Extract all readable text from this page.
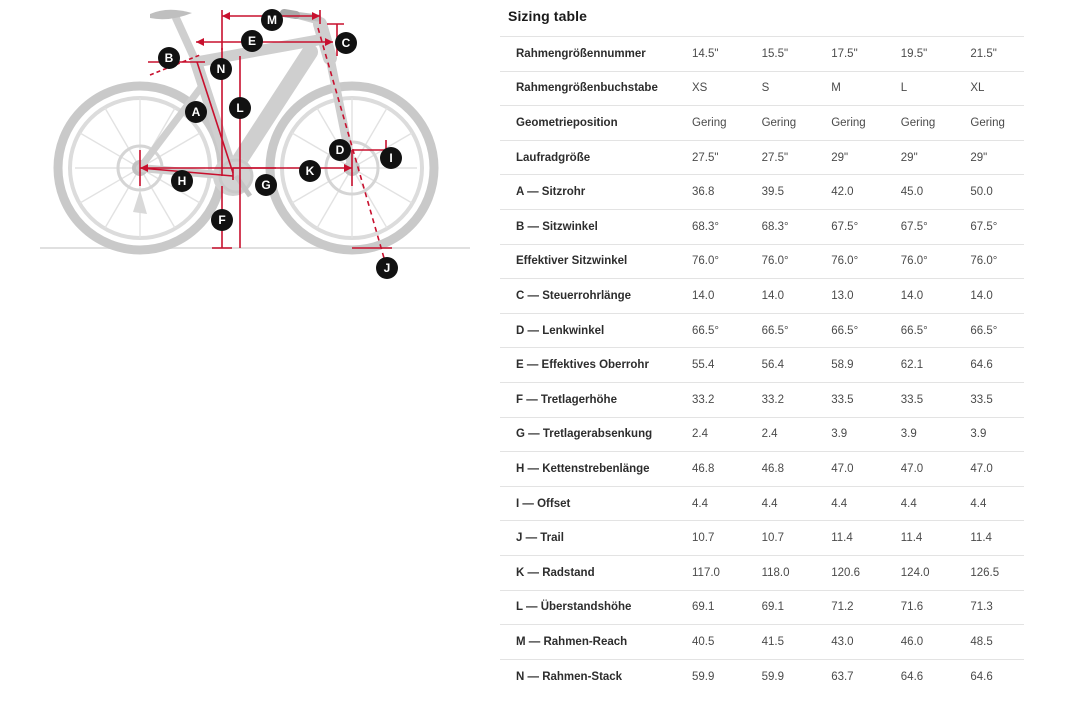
A
B
C
D
E
F
G
H
I
J
K
L
M
N
Sizing table
Rahmengrößennummer	14.5"	15.5"	17.5"	19.5"	21.5"
Rahmengrößenbuchstabe	XS	S	M	L	XL
Geometrieposition	Gering	Gering	Gering	Gering	Gering
Laufradgröße	27.5"	27.5"	29"	29"	29"
A — Sitzrohr	36.8	39.5	42.0	45.0	50.0
B — Sitzwinkel	68.3°	68.3°	67.5°	67.5°	67.5°
Effektiver Sitzwinkel	76.0°	76.0°	76.0°	76.0°	76.0°
C — Steuerrohrlänge	14.0	14.0	13.0	14.0	14.0
D — Lenkwinkel	66.5°	66.5°	66.5°	66.5°	66.5°
E — Effektives Oberrohr	55.4	56.4	58.9	62.1	64.6
F — Tretlagerhöhe	33.2	33.2	33.5	33.5	33.5
G — Tretlagerabsenkung	2.4	2.4	3.9	3.9	3.9
H — Kettenstrebenlänge	46.8	46.8	47.0	47.0	47.0
I — Offset	4.4	4.4	4.4	4.4	4.4
J — Trail	10.7	10.7	11.4	11.4	11.4
K — Radstand	117.0	118.0	120.6	124.0	126.5
L — Überstandshöhe	69.1	69.1	71.2	71.6	71.3
M — Rahmen-Reach	40.5	41.5	43.0	46.0	48.5
N — Rahmen-Stack	59.9	59.9	63.7	64.6	64.6
